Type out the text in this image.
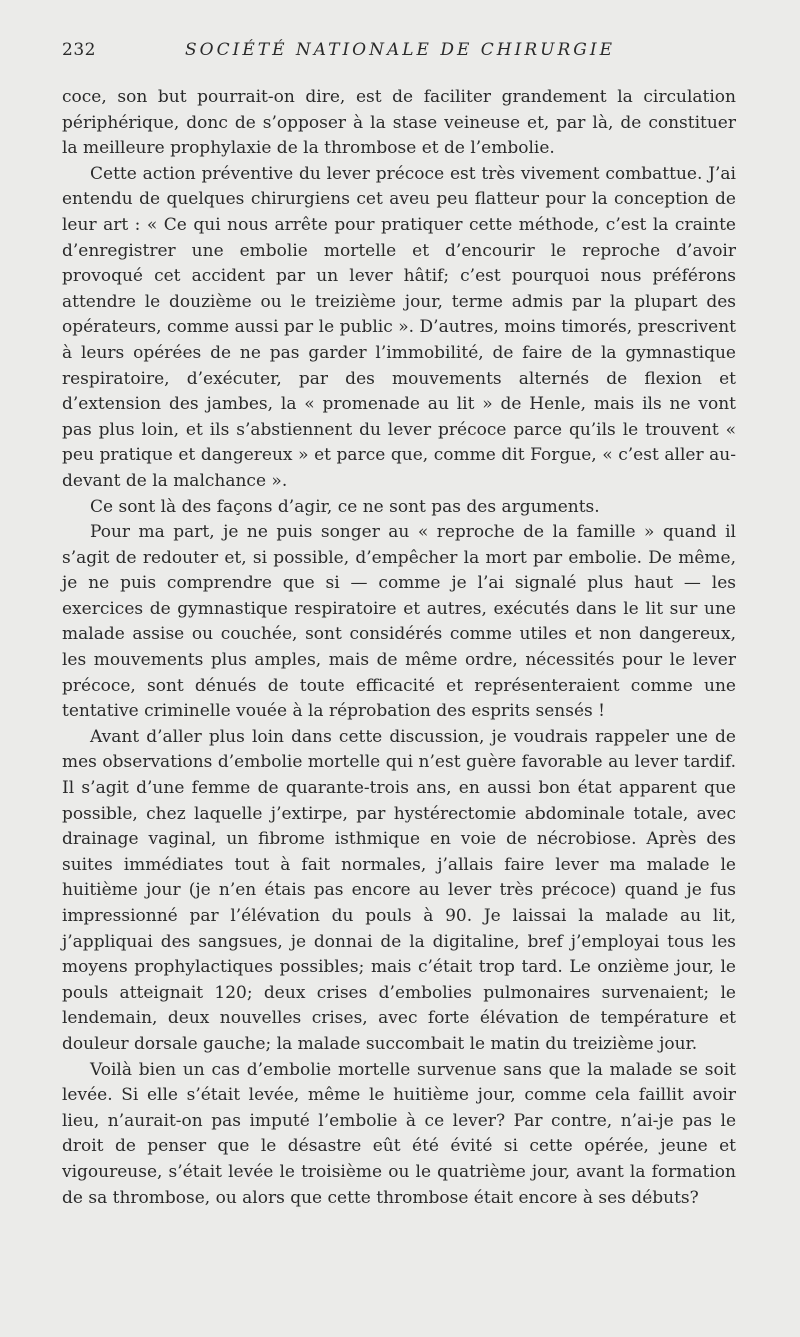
232	SOCIÉTÉ NATIONALE DE CHIRURGIE

coce, son but pourrait-on dire, est de faciliter grandement la circulation périphérique, donc de s’opposer à la stase veineuse et, par là, de constituer la meilleure prophylaxie de la thrombose et de l’embolie.

Cette action préventive du lever précoce est très vivement combattue. J’ai entendu de quelques chirurgiens cet aveu peu flatteur pour la conception de leur art : « Ce qui nous arrête pour pratiquer cette méthode, c’est la crainte d’enregistrer une embolie mortelle et d’encourir le reproche d’avoir provoqué cet accident par un lever hâtif; c’est pourquoi nous préférons attendre le douzième ou le treizième jour, terme admis par la plupart des opérateurs, comme aussi par le public ». D’autres, moins timorés, prescrivent à leurs opérées de ne pas garder l’immobilité, de faire de la gymnastique respiratoire, d’exécuter, par des mouvements alternés de flexion et d’extension des jambes, la « promenade au lit » de Henle, mais ils ne vont pas plus loin, et ils s’abstiennent du lever précoce parce qu’ils le trouvent « peu pratique et dangereux » et parce que, comme dit Forgue, « c’est aller au-devant de la malchance ».

Ce sont là des façons d’agir, ce ne sont pas des arguments.

Pour ma part, je ne puis songer au « reproche de la famille » quand il s’agit de redouter et, si possible, d’empêcher la mort par embolie. De même, je ne puis comprendre que si — comme je l’ai signalé plus haut — les exercices de gymnastique respiratoire et autres, exécutés dans le lit sur une malade assise ou couchée, sont considérés comme utiles et non dangereux, les mouvements plus amples, mais de même ordre, nécessités pour le lever précoce, sont dénués de toute efficacité et représenteraient comme une tentative criminelle vouée à la réprobation des esprits sensés !

Avant d’aller plus loin dans cette discussion, je voudrais rappeler une de mes observations d’embolie mortelle qui n’est guère favorable au lever tardif. Il s’agit d’une femme de quarante-trois ans, en aussi bon état apparent que possible, chez laquelle j’extirpe, par hystérectomie abdominale totale, avec drainage vaginal, un fibrome isthmique en voie de nécrobiose. Après des suites immédiates tout à fait normales, j’allais faire lever ma malade le huitième jour (je n’en étais pas encore au lever très précoce) quand je fus impressionné par l’élévation du pouls à 90. Je laissai la malade au lit, j’appliquai des sangsues, je donnai de la digitaline, bref j’employai tous les moyens prophylactiques possibles; mais c’était trop tard. Le onzième jour, le pouls atteignait 120; deux crises d’embolies pulmonaires survenaient; le lendemain, deux nouvelles crises, avec forte élévation de température et douleur dorsale gauche; la malade succombait le matin du treizième jour.

Voilà bien un cas d’embolie mortelle survenue sans que la malade se soit levée. Si elle s’était levée, même le huitième jour, comme cela faillit avoir lieu, n’aurait-on pas imputé l’embolie à ce lever? Par contre, n’ai-je pas le droit de penser que le désastre eût été évité si cette opérée, jeune et vigoureuse, s’était levée le troisième ou le quatrième jour, avant la formation de sa thrombose, ou alors que cette thrombose était encore à ses débuts?
